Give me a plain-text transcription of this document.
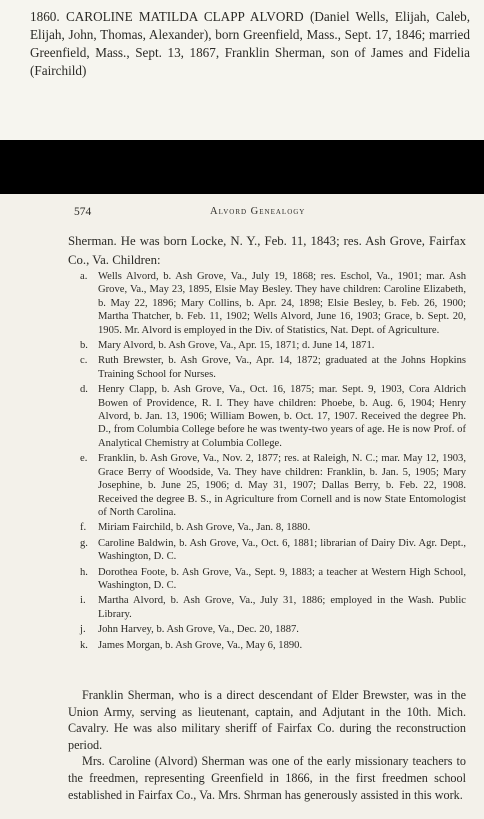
1860. CAROLINE MATILDA CLAPP ALVORD (Daniel Wells, Elijah, Caleb, Elijah, John, Thomas, Alexander), born Greenfield, Mass., Sept. 17, 1846; married Greenfield, Mass., Sept. 13, 1867, Franklin Sherman, son of James and Fidelia (Fairchild)
574	Alvord Genealogy
Sherman. He was born Locke, N. Y., Feb. 11, 1843; res. Ash Grove, Fairfax Co., Va. Children:
a.	Wells Alvord, b. Ash Grove, Va., July 19, 1868; res. Eschol, Va., 1901; mar. Ash Grove, Va., May 23, 1895, Elsie May Besley. They have children: Caroline Elizabeth, b. May 22, 1896; Mary Collins, b. Apr. 24, 1898; Elsie Besley, b. Feb. 26, 1900; Martha Thatcher, b. Feb. 11, 1902; Wells Alvord, June 16, 1903; Grace, b. Sept. 20, 1905. Mr. Alvord is employed in the Div. of Statistics, Nat. Dept. of Agriculture.
b. Mary Alvord, b. Ash Grove, Va., Apr. 15, 1871; d. June 14, 1871.
c.	Ruth Brewster, b. Ash Grove, Va., Apr. 14, 1872; graduated at the Johns Hopkins Training School for Nurses.
d. Henry Clapp, b. Ash Grove, Va., Oct. 16, 1875; mar. Sept. 9, 1903, Cora Aldrich Bowen of Providence, R. I. They have children: Phoebe, b. Aug. 6, 1904; Henry Alvord, b. Jan. 13, 1906; William Bowen, b. Oct. 17, 1907. Received the degree Ph. D., from Columbia College before he was twenty-two years of age. He is now Prof. of Analytical Chemistry at Columbia College.
e.	Franklin, b. Ash Grove, Va., Nov. 2, 1877; res. at Raleigh, N. C.; mar. May 12, 1903, Grace Berry of Woodside, Va. They have children: Franklin, b. Jan. 5, 1905; Mary Josephine, b. June 25, 1906; d. May 31, 1907; Dallas Berry, b. Feb. 22, 1908. Received the degree B. S., in Agriculture from Cornell and is now State Entomologist of North Carolina.
f.	Miriam Fairchild, b. Ash Grove, Va., Jan. 8, 1880.
g. Caroline Baldwin, b. Ash Grove, Va., Oct. 6, 1881; librarian of Dairy Div. Agr. Dept., Washington, D. C.
h. Dorothea Foote, b. Ash Grove, Va., Sept. 9, 1883; a teacher at Western High School, Washington, D. C.
i.	Martha Alvord, b. Ash Grove, Va., July 31, 1886; employed in the Wash. Public Library.
j.	John Harvey, b. Ash Grove, Va., Dec. 20, 1887.
k. James Morgan, b. Ash Grove, Va., May 6, 1890.

Franklin Sherman, who is a direct descendant of Elder Brewster, was in the Union Army, serving as lieutenant, captain, and Adjutant in the 10th. Mich. Cavalry. He was also military sheriff of Fairfax Co. during the reconstruction period.

Mrs. Caroline (Alvord) Sherman was one of the early missionary teachers to the freedmen, representing Greenfield in 1866, in the first freedmen school established in Fairfax Co., Va. Mrs. Shrman has generously assisted in this work.
